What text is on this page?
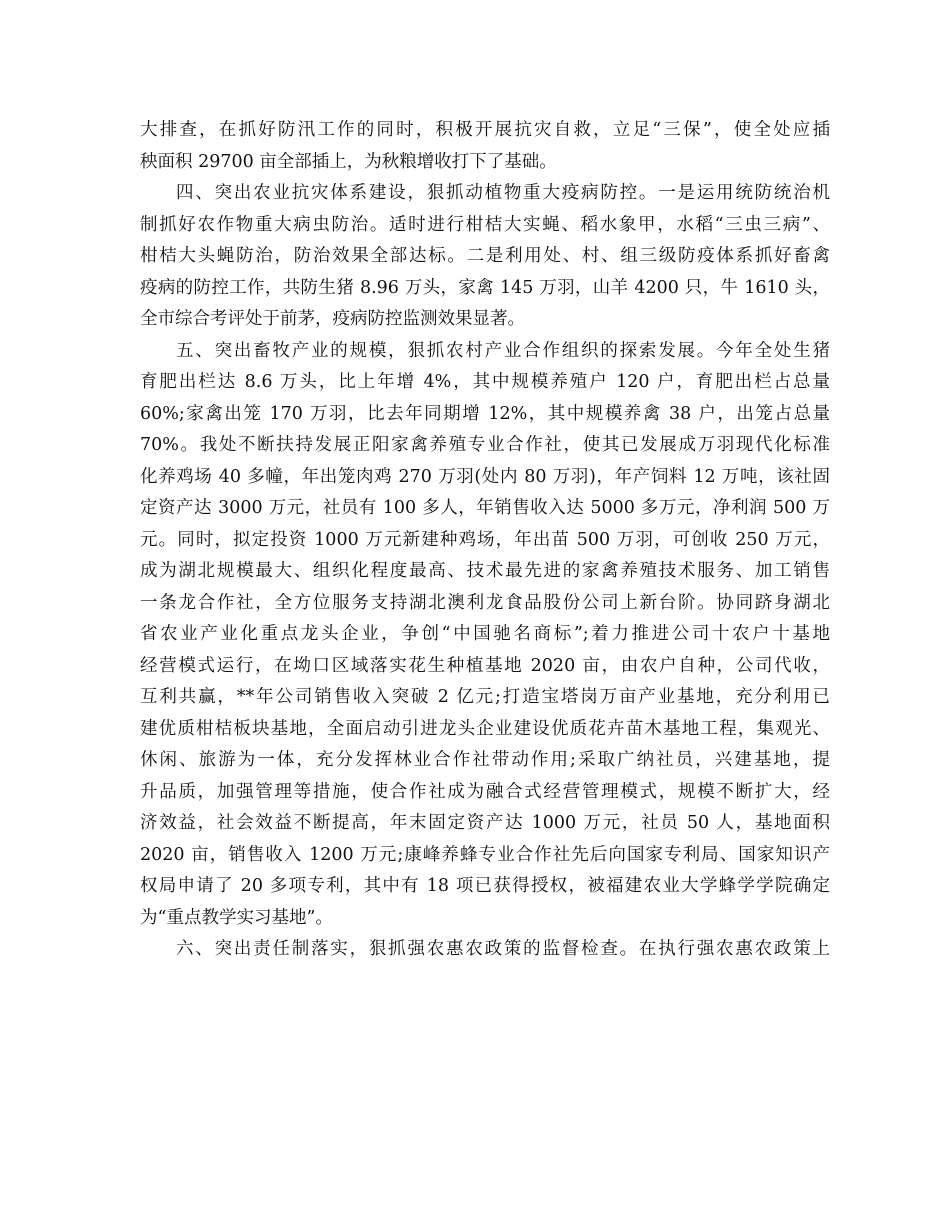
大排查，在抓好防汛工作的同时，积极开展抗灾自救，立足“三保”，使全处应插
秧面积 29700 亩全部插上，为秋粮增收打下了基础。
四、突出农业抗灾体系建设，狠抓动植物重大疫病防控。一是运用统防统治机
制抓好农作物重大病虫防治。适时进行柑桔大实蝇、稻水象甲，水稻“三虫三病”、
柑桔大头蝇防治，防治效果全部达标。二是利用处、村、组三级防疫体系抓好畜禽
疫病的防控工作，共防生猪 8.96 万头，家禽 145 万羽，山羊 4200 只，牛 1610 头，
全市综合考评处于前茅，疫病防控监测效果显著。
五、突出畜牧产业的规模，狠抓农村产业合作组织的探索发展。今年全处生猪
育肥出栏达 8.6 万头，比上年增 4%，其中规模养殖户 120 户，育肥出栏占总量
60%;家禽出笼 170 万羽，比去年同期增 12%，其中规模养禽 38 户，出笼占总量
70%。我处不断扶持发展正阳家禽养殖专业合作社，使其已发展成万羽现代化标准
化养鸡场 40 多幢，年出笼肉鸡 270 万羽(处内 80 万羽)，年产饲料 12 万吨，该社固
定资产达 3000 万元，社员有 100 多人，年销售收入达 5000 多万元，净利润 500 万
元。同时，拟定投资 1000 万元新建种鸡场，年出苗 500 万羽，可创收 250 万元，
成为湖北规模最大、组织化程度最高、技术最先进的家禽养殖技术服务、加工销售
一条龙合作社，全方位服务支持湖北澳利龙食品股份公司上新台阶。协同跻身湖北
省农业产业化重点龙头企业，争创“中国驰名商标”;着力推进公司十农户十基地
经营模式运行，在坳口区域落实花生种植基地 2020 亩，由农户自种，公司代收，
互利共赢，**年公司销售收入突破 2 亿元;打造宝塔岗万亩产业基地，充分利用已
建优质柑桔板块基地，全面启动引进龙头企业建设优质花卉苗木基地工程，集观光、
休闲、旅游为一体，充分发挥林业合作社带动作用;采取广纳社员，兴建基地，提
升品质，加强管理等措施，使合作社成为融合式经营管理模式，规模不断扩大，经
济效益，社会效益不断提高，年末固定资产达 1000 万元，社员 50 人，基地面积
2020 亩，销售收入 1200 万元;康峰养蜂专业合作社先后向国家专利局、国家知识产
权局申请了 20 多项专利，其中有 18 项已获得授权，被福建农业大学蜂学学院确定
为“重点教学实习基地”。
六、突出责任制落实，狠抓强农惠农政策的监督检查。在执行强农惠农政策上
